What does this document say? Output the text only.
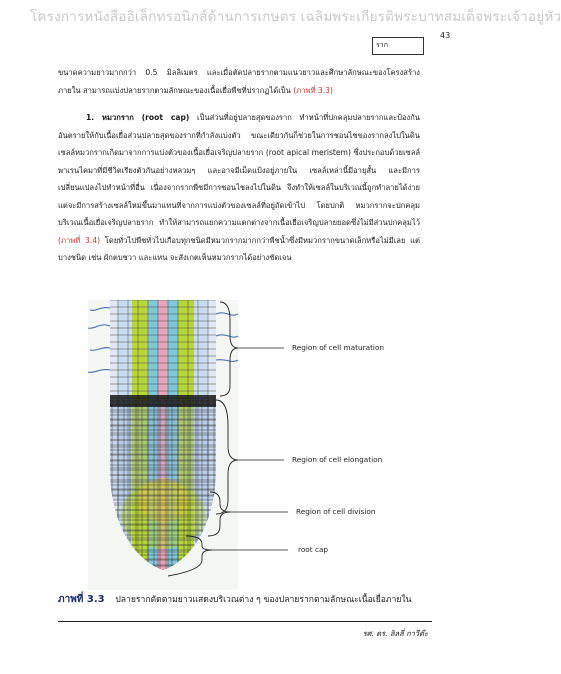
โครงการหนังสืออิเล็กทรอนิกส์ด้านการเกษตร เฉลิมพระเกียรติพระบาทสมเด็จพระเจ้าอยู่หัว
43
ราก
ขนาดความยาวมากกว่า 0.5 มิลลิเมตร และเมื่อตัดปลายรากตามแนวยาวและศึกษาลักษณะของโครงสร้างภายใน สามารถแบ่งปลายรากตามลักษณะของเนื้อเยื่อพืชที่ปรากฏได้เป็น (ภาพที่ 3.3)
1. หมวกราก (root cap) เป็นส่วนที่อยู่ปลายสุดของราก ทำหน้าที่ปกคลุมปลายรากและป้องกันอันตรายให้กับเนื้อเยื่อส่วนปลายสุดของรากที่กำลังแบ่งตัว ขณะเดียวกันก็ช่วยในการชอนไชของรากลงไปในดิน เซลล์หมวกรากเกิดมาจากการแบ่งตัวของเนื้อเยื่อเจริญปลายราก (root apical meristem) ซึ่งประกอบด้วยเซลล์พาเรนไคมาที่มีชีวิตเรียงตัวกันอย่างหลวมๆ และอาจมีเม็ดแป้งอยู่ภายใน เซลล์เหล่านี้มีอายุสั้น และมีการเปลี่ยนแปลงไปทำหน้าที่อื่น เนื่องจากรากพืชมีการชอนไชลงไปในดิน จึงทำให้เซลล์ในบริเวณนี้ถูกทำลายได้ง่าย แต่จะมีการสร้างเซลล์ใหม่ขึ้นมาแทนที่จากการแบ่งตัวของเซลล์ที่อยู่ถัดเข้าไป โดยปกติ หมวกรากจะปกคลุมบริเวณเนื้อเยื่อเจริญปลายราก ทำให้สามารถแยกความแตกต่างจากเนื้อเยื่อเจริญปลายยอดซึ่งไม่มีส่วนปกคลุมไว้ (ภาพที่ 3.4) โดยทั่วไปพืชทั่วไปเกือบทุกชนิดมีหมวกรากมากกว่าพืชน้ำซึ่งมีหมวกรากขนาดเล็กหรือไม่มีเลย แต่บางชนิด เช่น ผักตบชวา และแหน จะสังเกตเห็นหมวกรากได้อย่างชัดเจน
Region of cell maturation
Region of cell elongation
Region of cell division
root cap
ภาพที่ 3.3 ปลายรากตัดตามยาวแสดงบริเวณต่าง ๆ ของปลายรากตามลักษณะเนื้อเยื่อภายใน
รศ. ดร. ลิลลี่ กาวีต๊ะ
